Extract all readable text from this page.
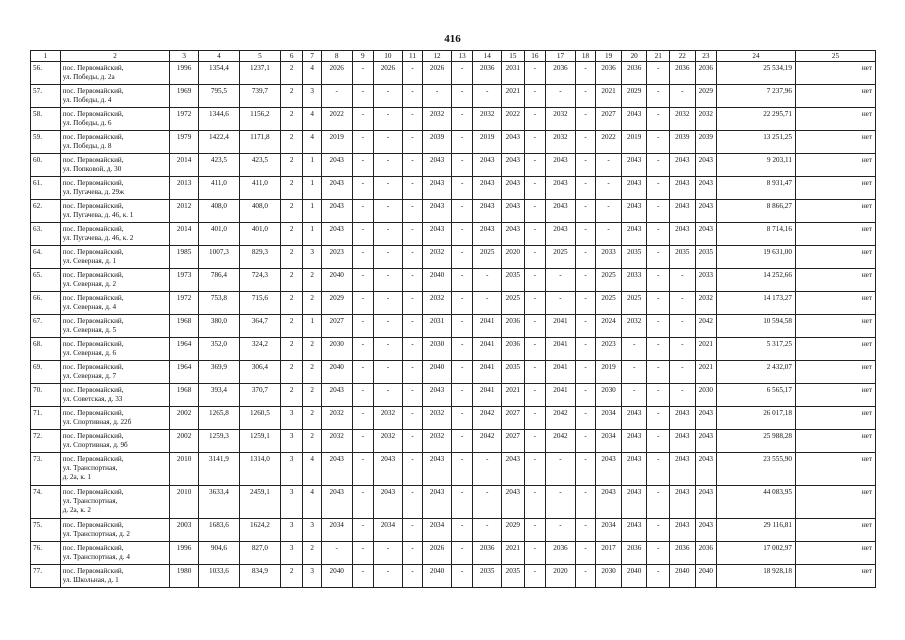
416
1	2	3	4	5	6	7	8	9	10	11	12	13	14	15	16	17	18	19	20	21	22	23	24	25
56.	пос. Первомайский,
ул. Победы, д. 2а	1996	1354,4	1237,1	2	4	2026	-	2026	-	2026	-	2036	2031	-	2036	-	2036	2036	-	2036	2036	25 534,19	нет
57.	пос. Первомайский,
ул. Победы, д. 4	1969	795,5	739,7	2	3	-	-	-	-	-	-	-	2021	-	-	-	2021	2029	-	-	2029	7 237,96	нет
58.	пос. Первомайский,
ул. Победы, д. 6	1972	1344,6	1156,2	2	4	2022	-	-	-	2032	-	2032	2022	-	2032	-	2027	2043	-	2032	2032	22 295,71	нет
59.	пос. Первомайский,
ул. Победы, д. 8	1979	1422,4	1171,8	2	4	2019	-	-	-	2039	-	2019	2043	-	2032	-	2022	2019	-	2039	2039	13 251,25	нет
60.	пос. Первомайский,
ул. Попковой, д. 30	2014	423,5	423,5	2	1	2043	-	-	-	2043	-	2043	2043	-	2043	-	-	2043	-	2043	2043	9 203,11	нет
61.	пос. Первомайский,
ул. Пугачева, д. 29ж	2013	411,0	411,0	2	1	2043	-	-	-	2043	-	2043	2043	-	2043	-	-	2043	-	2043	2043	8 931,47	нет
62.	пос. Первомайский,
ул. Пугачева, д. 46, к. 1	2012	408,0	408,0	2	1	2043	-	-	-	2043	-	2043	2043	-	2043	-	-	2043	-	2043	2043	8 866,27	нет
63.	пос. Первомайский,
ул. Пугачева, д. 46, к. 2	2014	401,0	401,0	2	1	2043	-	-	-	2043	-	2043	2043	-	2043	-	-	2043	-	2043	2043	8 714,16	нет
64.	пос. Первомайский,
ул. Северная, д. 1	1985	1007,3	829,3	2	3	2023	-	-	-	2032	-	2025	2020	-	2025	-	2033	2035	-	2035	2035	19 631,00	нет
65.	пос. Первомайский,
ул. Северная, д. 2	1973	786,4	724,3	2	2	2040	-	-	-	2040	-	-	2035	-	-	-	2025	2033	-	-	2033	14 252,66	нет
66.	пос. Первомайский,
ул. Северная, д. 4	1972	753,8	715,6	2	2	2029	-	-	-	2032	-	-	2025	-	-	-	2025	2025	-	-	2032	14 173,27	нет
67.	пос. Первомайский,
ул. Северная, д. 5	1968	380,0	364,7	2	1	2027	-	-	-	2031	-	2041	2036	-	2041	-	2024	2032	-	-	2042	10 594,58	нет
68.	пос. Первомайский,
ул. Северная, д. 6	1964	352,0	324,2	2	2	2030	-	-	-	2030	-	2041	2036	-	2041	-	2023	-	-	-	2021	5 317,25	нет
69.	пос. Первомайский,
ул. Северная, д. 7	1964	369,9	306,4	2	2	2040	-	-	-	2040	-	2041	2035	-	2041	-	2019	-	-	-	2021	2 432,07	нет
70.	пос. Первомайский,
ул. Советская, д. 33	1968	393,4	370,7	2	2	2043	-	-	-	2043	-	2041	2021	-	2041	-	2030	-	-	-	2030	6 565,17	нет
71.	пос. Первомайский,
ул. Спортивная, д. 22б	2002	1265,8	1260,5	3	2	2032	-	2032	-	2032	-	2042	2027	-	2042	-	2034	2043	-	2043	2043	26 017,18	нет
72.	пос. Первомайский,
ул. Спортивная, д. 9б	2002	1259,3	1259,1	3	2	2032	-	2032	-	2032	-	2042	2027	-	2042	-	2034	2043	-	2043	2043	25 988,28	нет
73.	пос. Первомайский,
ул. Транспортная,
д. 2а, к. 1	2010	3141,9	1314,0	3	4	2043	-	2043	-	2043	-	-	2043	-	-	-	2043	2043	-	2043	2043	23 555,90	нет
74.	пос. Первомайский,
ул. Транспортная,
д. 2а, к. 2	2010	3633,4	2459,1	3	4	2043	-	2043	-	2043	-	-	2043	-	-	-	2043	2043	-	2043	2043	44 083,95	нет
75.	пос. Первомайский,
ул. Транспортная, д. 2	2003	1683,6	1624,2	3	3	2034	-	2034	-	2034	-	-	2029	-	-	-	2034	2043	-	2043	2043	29 116,81	нет
76.	пос. Первомайский,
ул. Транспортная, д. 4	1996	904,6	827,0	3	2	-	-	-	-	2026	-	2036	2021	-	2036	-	2017	2036	-	2036	2036	17 002,97	нет
77.	пос. Первомайский,
ул. Школьная, д. 1	1980	1033,6	834,9	2	3	2040	-	-	-	2040	-	2035	2035	-	2020	-	2030	2040	-	2040	2040	18 928,18	нет
